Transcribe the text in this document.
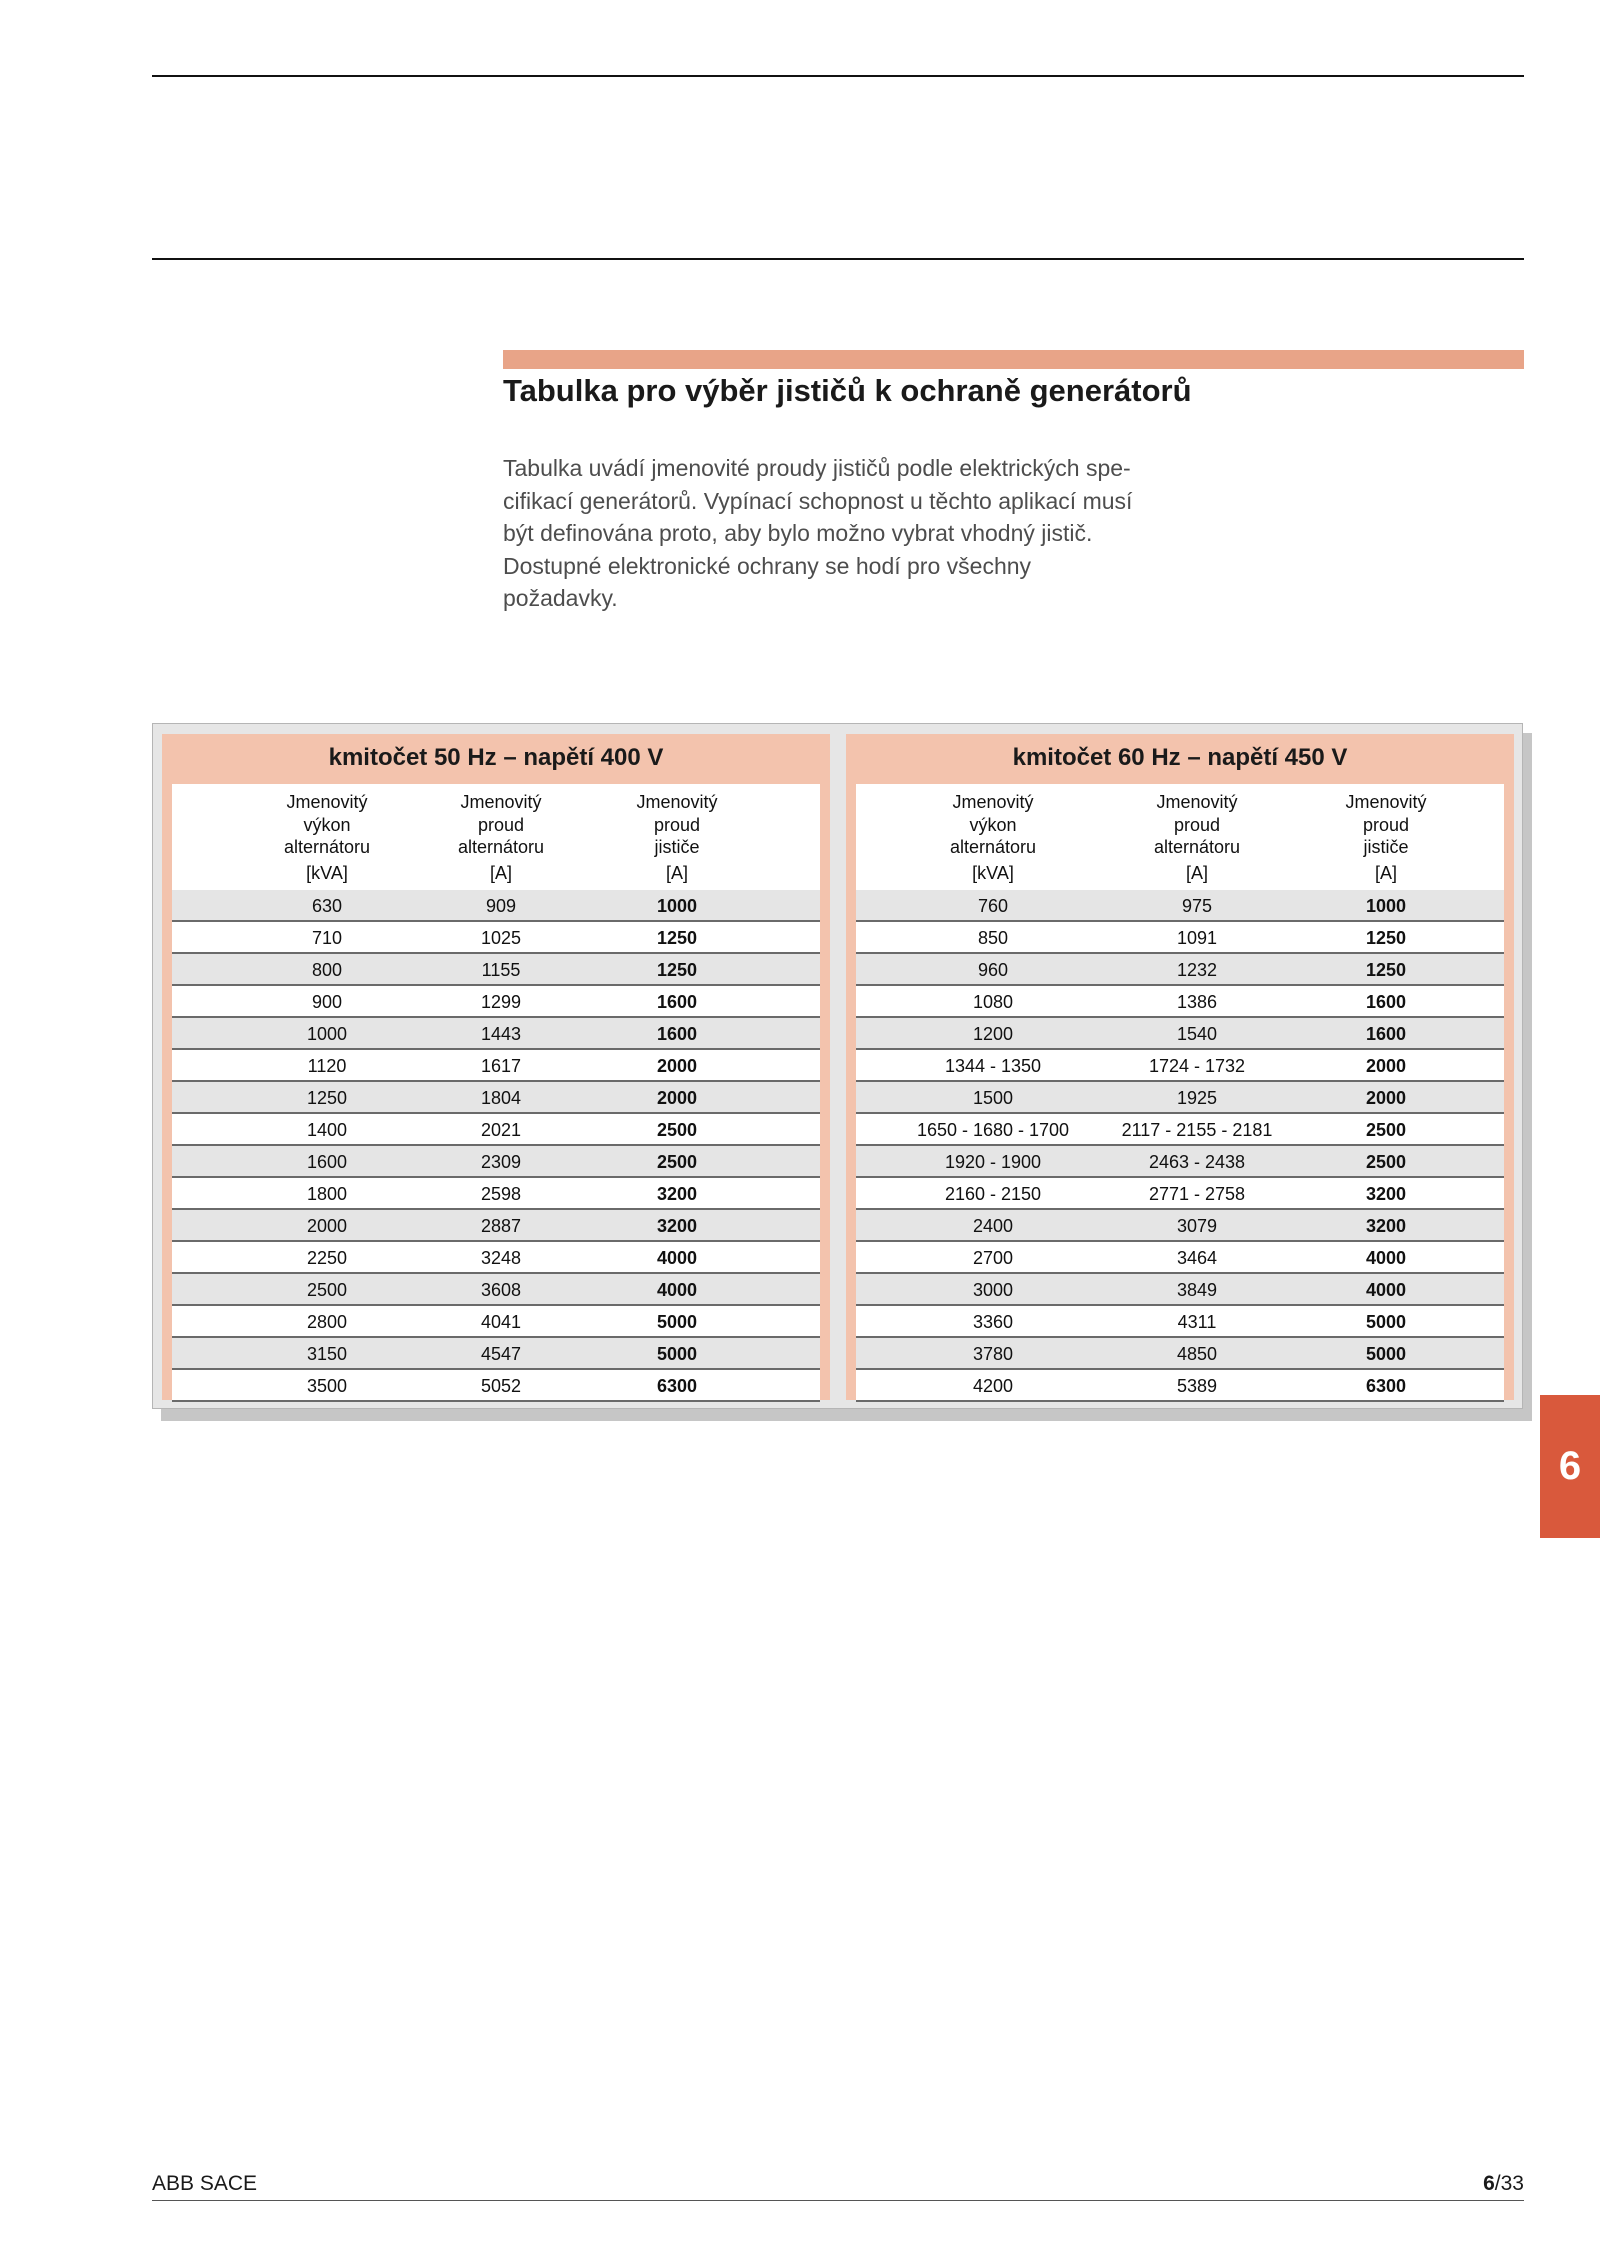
Tabulka pro výběr jističů k ochraně generátorů

Tabulka uvádí jmenovité proudy jističů podle elektrických spe-
cifikací generátorů. Vypínací schopnost u těchto aplikací musí
být definována proto, aby bylo možno vybrat vhodný jistič.
Dostupné elektronické ochrany se hodí pro všechny
požadavky.

kmitočet 50 Hz – napětí 400 V
Jmenovitý
výkon
alternátoru
[kVA]
Jmenovitý
proud
alternátoru
[A]
Jmenovitý
proud
jističe
[A]
630	909	1000
710	1025	1250
800	1155	1250
900	1299	1600
1000	1443	1600
1120	1617	2000
1250	1804	2000
1400	2021	2500
1600	2309	2500
1800	2598	3200
2000	2887	3200
2250	3248	4000
2500	3608	4000
2800	4041	5000
3150	4547	5000
3500	5052	6300
kmitočet 60 Hz – napětí 450 V
Jmenovitý
výkon
alternátoru
[kVA]
Jmenovitý
proud
alternátoru
[A]
Jmenovitý
proud
jističe
[A]
760	975	1000
850	1091	1250
960	1232	1250
1080	1386	1600
1200	1540	1600
1344 - 1350	1724 - 1732	2000
1500	1925	2000
1650 - 1680 - 1700	2117 - 2155 - 2181	2500
1920 - 1900	2463 - 2438	2500
2160 - 2150	2771 - 2758	3200
2400	3079	3200
2700	3464	4000
3000	3849	4000
3360	4311	5000
3780	4850	5000
4200	5389	6300
6
ABB SACE	6/33
